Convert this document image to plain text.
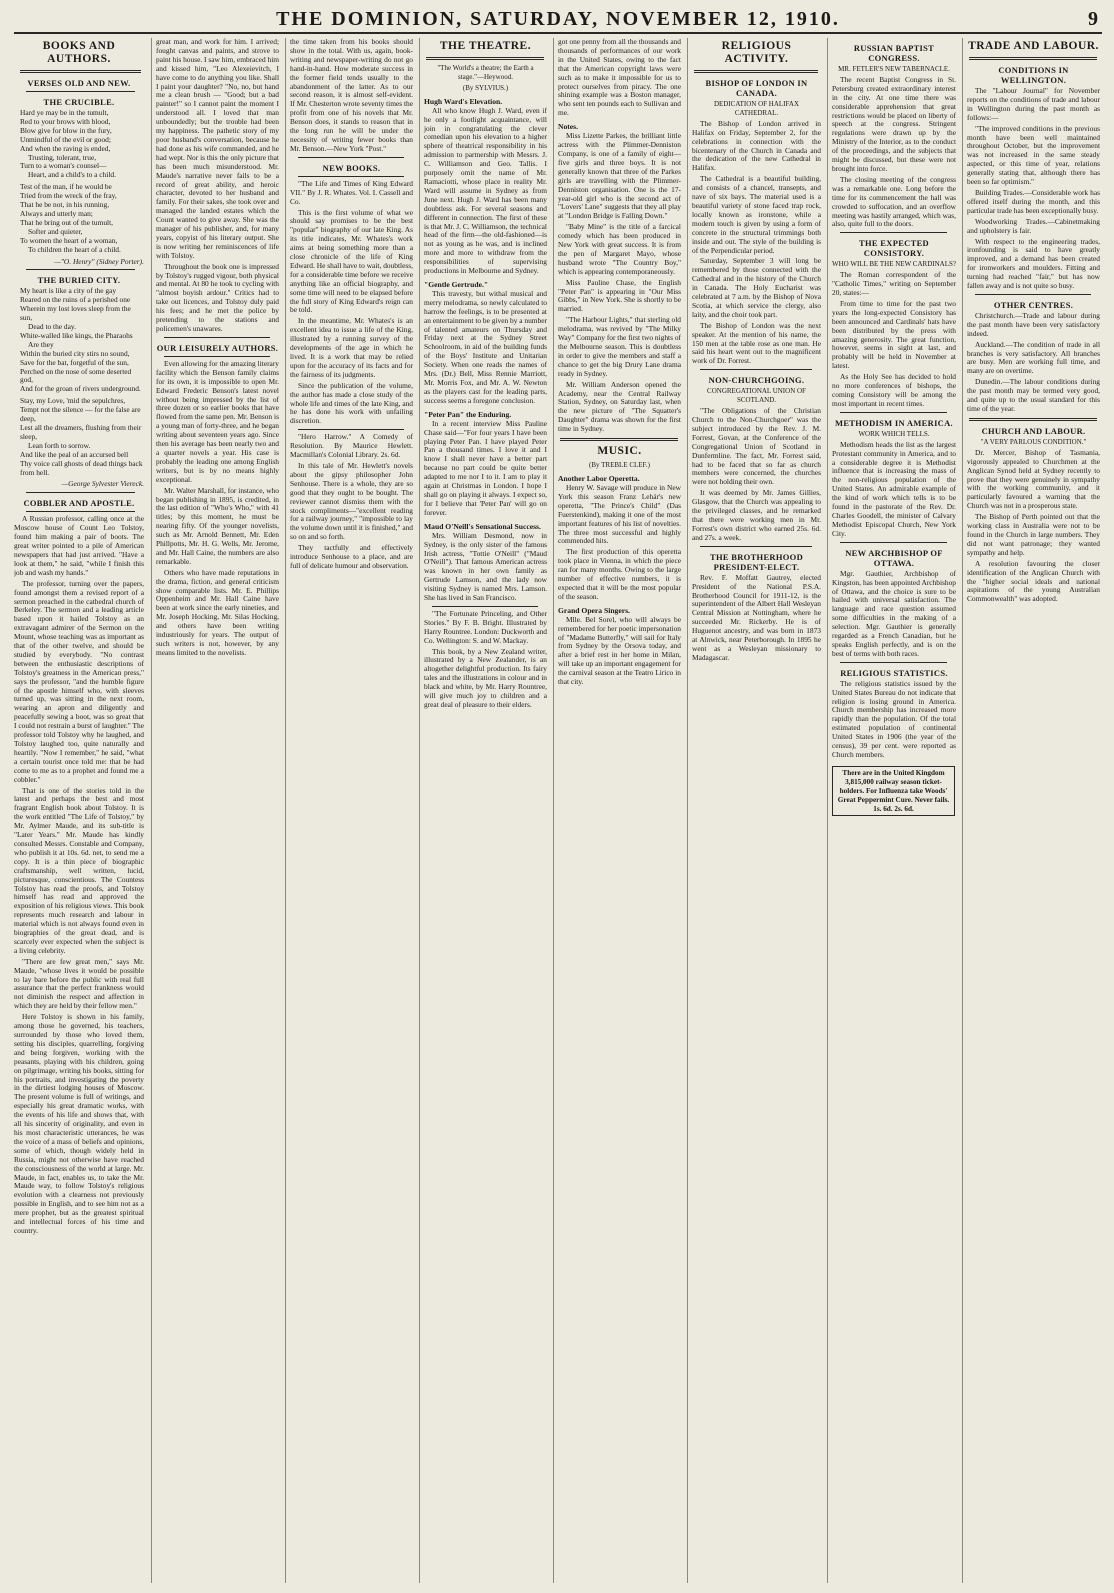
THE DOMINION, SATURDAY, NOVEMBER 12, 1910.	9
BOOKS AND AUTHORS.
VERSES OLD AND NEW.
THE CRUCIBLE.

Hard ye may be in the tumult,
Red to your brows with blood,
Blow give for blow in the fury,
Unmindful of the evil or good;
And when the raving is ended,
Trusting, tolerant, true,
Turn to a woman's counsel—
Heart, and a child's to a child.

Test of the man, if he would be
Tried from the wreck of the fray,
That he be not, in his running,
Always and utterly man;
That he bring out of the tumult,
Softer and quieter,
To women the heart of a woman,
To children the heart of a child.

—"O. Henry" (Sidney Porter).

THE BURIED CITY.

My heart is like a city of the gay
Reared on the ruins of a perished one
Wherein my lost loves sleep from the sun,
Dead to the day.
White-walled like kings, the Pharaohs
Are they
Within the buried city stirs no sound,
Save for the bat, forgetful of the sun,
Perched on the nose of some deserted god,
And for the groan of rivers underground.

Stay, my Love, 'mid the sepulchres,
Tempt not the silence — for the false are deep,
Lest all the dreamers, flushing from their sleep,
Lean forth to sorrow.
And like the peal of an accursed bell
Thy voice call ghosts of dead things back from hell.

—George Sylvester Viereck.

COBBLER AND APOSTLE.

A Russian professor, calling once at the Moscow house of Count Leo Tolstoy, found him making a pair of boots. The great writer pointed to a pile of American newspapers that had just arrived. "Have a look at them," he said, "while I finish this job and wash my hands."

The professor, turning over the papers, found amongst them a revised report of a sermon preached in the cathedral church of Berkeley. The sermon and a leading article based upon it hailed Tolstoy as an extravagant admirer of the Sermon on the Mount, whose teaching was as important as that of the other twelve, and should be studied by everybody. "No contrast between the enthusiastic descriptions of Tolstoy's greatness in the American press," says the professor, "and the humble figure of the apostle himself who, with sleeves turned up, was sitting in the next room, wearing an apron and diligently and peacefully sewing a boot, was so great that I could not restrain a burst of laughter." The professor told Tolstoy why he laughed, and Tolstoy laughed too, quite naturally and heartily. "Now I remember," he said, "what a certain tourist once told me: that he had come to me as to a prophet and found me a cobbler."

That is one of the stories told in the latest and perhaps the best and most fragrant English book about Tolstoy. It is the work entitled "The Life of Tolstoy," by Mr. Aylmer Maude, and its sub-title is "Later Years." Mr. Maude has kindly consulted Messrs. Constable and Company, who publish it at 10s. 6d. net, to send me a copy. It is a thin piece of biographic craftsmanship, well written, lucid, picturesque, conscientious. The Countess Tolstoy has read the proofs, and Tolstoy himself has read and approved the exposition of his religious views. This book represents much research and labour in material which is not always found even in biographies of the great dead, and is scarcely ever expected when the subject is a living celebrity.

"There are few great men," says Mr. Maude, "whose lives it would be possible to lay bare before the public with real full assurance that the perfect frankness would not diminish the respect and affection in which they are held by their fellow men."

Here Tolstoy is shown in his family, among those he governed, his teachers, surrounded by those who loved them, setting his disciples, quarrelling, forgiving and being forgiven, working with the peasants, playing with his children, going on pilgrimage, writing his books, sitting for his portraits, and investigating the poverty in the dirtiest lodging houses of Moscow. The present volume is full of writings, and especially his great dramatic works, with the events of his life and shows that, with all his sincerity of originality, and even in his most characteristic utterances, he was the voice of a mass of beliefs and opinions, some of which, though widely held in Russia, might not otherwise have reached the consciousness of the world at large. Mr. Maude, in fact, enables us, to take the Mr. Maude way, to follow Tolstoy's religious evolution with a clearness not previously possible in English, and to see him not as a mere prophet, but as the greatest spiritual and intellectual forces of his time and country.

great man, and work for him. I arrived; fought canvas and paints, and strove to paint his house. I saw him, embraced him and kissed him, "Leo Alexeievitch, I have come to do anything you like. Shall I paint your daughter? "No, no, but hand me a clean brush — "Good; but a bad painter!" so I cannot paint the moment I understood all. I loved that man unboundedly; but the trouble had been my happiness. The pathetic story of my poor husband's conversation, because he had done as his wife commanded, and he had wept. Nor is this the only picture that has been much misunderstood. Mr. Maude's narrative never fails to be a record of great ability, and heroic character, devoted to her husband and family. For their sakes, she took over and managed the landed estates which the Count wanted to give away. She was the manager of his publisher, and, for many years, copyist of his literary output. She is now writing her reminiscences of life with Tolstoy.

Throughout the book one is impressed by Tolstoy's rugged vigour, both physical and mental. At 80 he took to cycling with "almost boyish ardour." Critics had to take out licences, and Tolstoy duly paid his fees; and he met the police by pretending to the stations and policemen's unawares.

OUR LEISURELY AUTHORS.

Even allowing for the amazing literary facility which the Benson family claims for its own, it is impossible to open Mr. Edward Frederic Benson's latest novel without being impressed by the list of three dozen or so earlier books that have flowed from the same pen. Mr. Benson is a young man of forty-three, and he began writing about seventeen years ago. Since then his average has been nearly two and a quarter novels a year. His case is probably the leading one among English writers, but is by no means highly exceptional.

Mr. Walter Marshall, for instance, who began publishing in 1895, is credited, in the last edition of "Who's Who," with 41 titles; by this moment, he must be nearing fifty. Of the younger novelists, such as Mr. Arnold Bennett, Mr. Eden Phillpotts, Mr. H. G. Wells, Mr. Jerome, and Mr. Hall Caine, the numbers are also remarkable.

Others who have made reputations in the drama, fiction, and general criticism show comparable lists. Mr. E. Phillips Oppenheim and Mr. Hall Caine have been at work since the early nineties, and Mr. Joseph Hocking, Mr. Silas Hocking, and others have been writing industriously for years. The output of such writers is not, however, by any means limited to the novelists.

the time taken from his books should show in the total. With us, again, book-writing and newspaper-writing do not go hand-in-hand. How moderate success in the former field tends usually to the abandonment of the latter. As to our second reason, it is almost self-evident. If Mr. Chesterton wrote seventy times the profit from one of his novels that Mr. Benson does, it stands to reason that in the long run he will be under the necessity of writing fewer books than Mr. Benson.—New York "Post."

NEW BOOKS.

"The Life and Times of King Edward VII." By J. R. Whates. Vol. I. Cassell and Co.

This is the first volume of what we should say promises to be the best "popular" biography of our late King. As its title indicates, Mr. Whates's work aims at being something more than a close chronicle of the life of King Edward. He shall have to wait, doubtless, for a considerable time before we receive anything like an official biography, and some time will need to be elapsed before the full story of King Edward's reign can be told.

In the meantime, Mr. Whates's is an excellent idea to issue a life of the King, illustrated by a running survey of the developments of the age in which he lived. It is a work that may be relied upon for the accuracy of its facts and for the fairness of its judgments.

Since the publication of the volume, the author has made a close study of the whole life and times of the late King, and he has done his work with unfailing discretion.

"Hero Harrow." A Comedy of Resolution. By Maurice Hewlett. Macmillan's Colonial Library. 2s. 6d.

In this tale of Mr. Hewlett's novels about the gipsy philosopher John Senhouse. There is a whole, they are so good that they ought to be bought. The reviewer cannot dismiss them with the stock compliments—"excellent reading for a railway journey," "impossible to lay the volume down until it is finished," and so on and so forth.

They tactfully and effectively introduce Senhouse to a place, and are full of delicate humour and observation.

THE THEATRE.

"The World's a theatre; the Earth a stage."—Heywood.

(By SYLVIUS.)

Hugh Ward's Elevation.

All who know Hugh J. Ward, even if he only a footlight acquaintance, will join in congratulating the clever comedian upon his elevation to a higher sphere of theatrical responsibility in his admission to partnership with Messrs. J. C. Williamson and Geo. Tallis. I purposely omit the name of Mr. Ramaciotti, whose place in reality Mr. Ward will assume in Sydney as from June next. Hugh J. Ward has been many doubtless ask. For several seasons and different in connection. The first of these is that Mr. J. C. Williamson, the technical head of the firm—the old-fashioned—is not as young as he was, and is inclined more and more to withdraw from the responsibilities of supervising productions in Melbourne and Sydney.

"Gentle Gertrude."

This travesty, but withal musical and merry melodrama, so newly calculated to harrow the feelings, is to be presented at an entertainment to be given by a number of talented amateurs on Thursday and Friday next at the Sydney Street Schoolroom, in aid of the building funds of the Boys' Institute and Unitarian Society. When one reads the names of Mrs. (Dr.) Bell, Miss Rennie Marriott, Mr. Morris Fox, and Mr. A. W. Newton as the players cast for the leading parts, success seems a foregone conclusion.

"Peter Pan" the Enduring.

In a recent interview Miss Pauline Chase said—"For four years I have been playing Peter Pan. I have played Peter Pan a thousand times. I love it and I know I shall never have a better part because no part could be quite better adapted to me nor I to it. I am to play it again at Christmas in London. I hope I shall go on playing it always. I expect so, for I believe that 'Peter Pan' will go on forever.

Maud O'Neill's Sensational Success.

Mrs. William Desmond, now in Sydney, is the only sister of the famous Irish actress, "Tottie O'Neill" ("Maud O'Neill"). That famous American actress was known in her own family as Gertrude Lamson, and the lady now visiting Sydney is named Mrs. Lamson. She has lived in San Francisco.

"The Fortunate Princeling, and Other Stories." By F. B. Bright. Illustrated by Harry Rountree. London: Duckworth and Co. Wellington: S. and W. Mackay.

This book, by a New Zealand writer, illustrated by a New Zealander, is an altogether delightful production. Its fairy tales and the illustrations in colour and in black and white, by Mr. Harry Rountree, will give much joy to children and a great deal of pleasure to their elders.

got one penny from all the thousands and thousands of performances of our work in the United States, owing to the fact that the American copyright laws were such as to make it impossible for us to protect ourselves from piracy. The one shining example was a Boston manager, who sent ten pounds each to Sullivan and me.

Notes.

Miss Lizette Parkes, the brilliant little actress with the Plimmer-Denniston Company, is one of a family of eight—five girls and three boys. It is not generally known that three of the Parkes girls are travelling with the Plimmer-Denniston organisation. One is the 17-year-old girl who is the second act of "Lovers' Lane" suggests that they all play at "London Bridge is Falling Down."

"Baby Mine" is the title of a farcical comedy which has been produced in New York with great success. It is from the pen of Margaret Mayo, whose husband wrote "The Country Boy," which is appearing contemporaneously.

Miss Pauline Chase, the English "Peter Pan" is appearing in "Our Miss Gibbs," in New York. She is shortly to be married.

"The Harbour Lights," that sterling old melodrama, was revived by "The Milky Way" Company for the first two nights of the Melbourne season. This is doubtless in order to give the members and staff a chance to get the big Drury Lane drama ready in Sydney.

Mr. William Anderson opened the Academy, near the Central Railway Station, Sydney, on Saturday last, when the new picture of "The Squatter's Daughter" drama was shown for the first time in Sydney.

MUSIC.

(By TREBLE CLEF.)

Another Labor Operetta.

Henry W. Savage will produce in New York this season Franz Lehár's new operetta, "The Prince's Child" (Das Fuerstenkind), making it one of the most important features of his list of novelties. The three most successful and highly commended hits.

The first production of this operetta took place in Vienna, in which the piece ran for many months. Owing to the large number of effective numbers, it is expected that it will be the most popular of the season.

Grand Opera Singers.

Mlle. Bel Sorel, who will always be remembered for her poetic impersonation of "Madame Butterfly," will sail for Italy from Sydney by the Orsova today, and after a brief rest in her home in Milan, will take up an important engagement for the carnival season at the Teatro Lirico in that city.

RELIGIOUS ACTIVITY.
BISHOP OF LONDON IN CANADA.

DEDICATION OF HALIFAX CATHEDRAL.

The Bishop of London arrived in Halifax on Friday, September 2, for the celebrations in connection with the bicentenary of the Church in Canada and the dedication of the new Cathedral in Halifax.

The Cathedral is a beautiful building, and consists of a chancel, transepts, and nave of six bays. The material used is a beautiful variety of stone faced trap rock, locally known as ironstone, while a modern touch is given by using a form of concrete in the structural trimmings both inside and out. The style of the building is of the Perpendicular period.

Saturday, September 3 will long be remembered by those connected with the Cathedral and in the history of the Church in Canada. The Holy Eucharist was celebrated at 7 a.m. by the Bishop of Nova Scotia, at which service the clergy, also laity, and the choir took part.

The Bishop of London was the next speaker. At the mention of his name, the 150 men at the table rose as one man. He said his heart went out to the magnificent work of Dr. Forrest.

NON-CHURCHGOING.

CONGREGATIONAL UNION OF SCOTLAND.

"The Obligations of the Christian Church to the Non-Churchgoer" was the subject introduced by the Rev. J. M. Forrest, Govan, at the Conference of the Congregational Union of Scotland in Dunfermline. The fact, Mr. Forrest said, had to be faced that so far as church members were concerned, the churches were not holding their own.

It was deemed by Mr. James Gillies, Glasgow, that the Church was appealing to the privileged classes, and he remarked that there were working men in Mr. Forrest's own district who earned 25s. 6d. and 27s. a week.

THE BROTHERHOOD PRESIDENT-ELECT.

Rev. F. Moffatt Gautrey, elected President of the National P.S.A. Brotherhood Council for 1911-12, is the superintendent of the Albert Hall Wesleyan Central Mission at Nottingham, where he succeeded Mr. Rickerby. He is of Huguenot ancestry, and was born in 1873 at Alnwick, near Peterborough. In 1895 he went as a Wesleyan missionary to Madagascar.

RUSSIAN BAPTIST CONGRESS.

MR. FETLER'S NEW TABERNACLE.

The recent Baptist Congress in St. Petersburg created extraordinary interest in the city. At one time there was considerable apprehension that great restrictions would be placed on liberty of speech at the congress. Stringent regulations were drawn up by the Ministry of the Interior, as to the conduct of the proceedings, and the subjects that might be discussed, but these were not brought into force.

The closing meeting of the congress was a remarkable one. Long before the time for its commencement the hall was crowded to suffocation, and an overflow meeting was hastily arranged, which was, also, quite full to the doors.

THE EXPECTED CONSISTORY.

WHO WILL BE THE NEW CARDINALS?

The Roman correspondent of the "Catholic Times," writing on September 20, states:—

From time to time for the past two years the long-expected Consistory has been announced and Cardinals' hats have been distributed by the press with amazing generosity. The great function, however, seems in sight at last, and probably will be held in November at latest.

As the Holy See has decided to hold no more conferences of bishops, the coming Consistory will be among the most important in recent times.

METHODISM IN AMERICA.

WORK WHICH TELLS.

Methodism heads the list as the largest Protestant community in America, and to a considerable degree it is Methodist influence that is increasing the mass of the non-religious population of the United States. An admirable example of the kind of work which tells is to be found in the pastorate of the Rev. Dr. Charles Goodell, the minister of Calvary Methodist Episcopal Church, New York City.

NEW ARCHBISHOP OF OTTAWA.

Mgr. Gauthier, Archbishop of Kingston, has been appointed Archbishop of Ottawa, and the choice is sure to be hailed with universal satisfaction. The language and race question assumed some difficulties in the making of a selection. Mgr. Gauthier is generally regarded as a French Canadian, but he speaks English perfectly, and is on the best of terms with both races.

RELIGIOUS STATISTICS.

The religious statistics issued by the United States Bureau do not indicate that religion is losing ground in America. Church membership has increased more rapidly than the population. Of the total estimated population of continental United States in 1906 (the year of the census), 39 per cent. were reported as Church members.

There are in the United Kingdom 3,815,000 railway season ticket-holders. For Influenza take Woods' Great Peppermint Cure. Never fails. 1s. 6d. 2s. 6d.
TRADE AND LABOUR.
CONDITIONS IN WELLINGTON.

The "Labour Journal" for November reports on the conditions of trade and labour in Wellington during the past month as follows:—

"The improved conditions in the previous month have been well maintained throughout October, but the improvement was not increased in the same steady aspected, or this time of year, relations generally stating that, although there has been so far optimism."

Building Trades.—Considerable work has offered itself during the month, and this particular trade has been exceptionally busy.

Woodworking Trades.—Cabinetmaking and upholstery is fair.

With respect to the engineering trades, ironfounding is said to have greatly improved, and a demand has been created for ironworkers and moulders. Fitting and turning had reached "fair," but has now fallen away and is not quite so busy.

OTHER CENTRES.

Christchurch.—Trade and labour during the past month have been very satisfactory indeed.

Auckland.—The condition of trade in all branches is very satisfactory. All branches are busy. Men are working full time, and many are on overtime.

Dunedin.—The labour conditions during the past month may be termed very good, and quite up to the usual standard for this time of the year.

CHURCH AND LABOUR.

"A VERY PARLOUS CONDITION."

Dr. Mercer, Bishop of Tasmania, vigorously appealed to Churchmen at the Anglican Synod held at Sydney recently to prove that they were genuinely in sympathy with the working community, and it particularly favoured a warning that the Church was not in a prosperous state.

The Bishop of Perth pointed out that the working class in Australia were not to be found in the Church in large numbers. They did not want patronage; they wanted sympathy and help.

A resolution favouring the closer identification of the Anglican Church with the "higher social ideals and national aspirations of the young Australian Commonwealth" was adopted.
